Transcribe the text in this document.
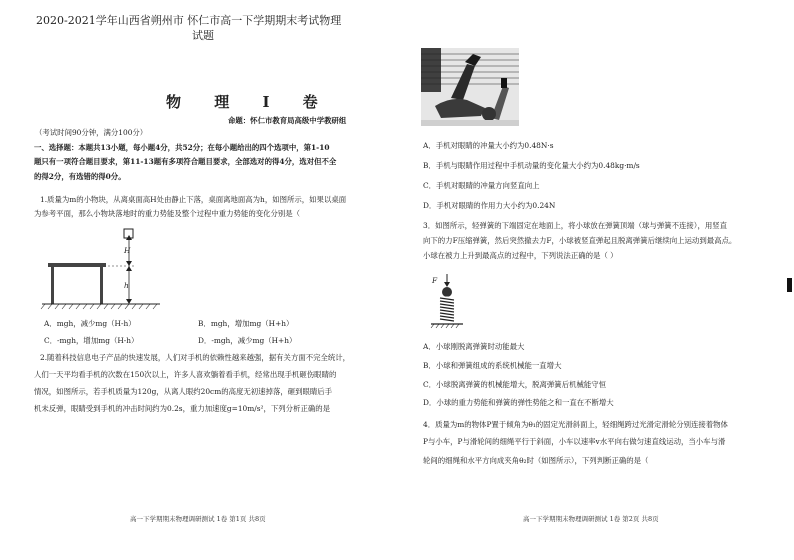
2020-2021学年山西省朔州市 怀仁市高一下学期期末考试物理
试题
物 理 I 卷
命题：怀仁市教育局高级中学教研组
（考试时间90分钟，满分100分）
一、选择题：本题共13小题，每小题4分，共52分；在每小题给出的四个选项中，第1-10
题只有一项符合题目要求，第11-13题有多项符合题目要求，全部选对的得4分，选对但不全
的得2分，有选错的得0分。
1.质量为m的小物块，从离桌面高H处由静止下落，桌面离地面高为h，如图所示，如果以桌面
为参考平面，那么小物块落地时的重力势能及整个过程中重力势能的变化分别是（
H
h
A．mgh，减少mg（H-h）	B．mgh，增加mg（H+h）
C．-mgh，增加mg（H-h）	D．-mgh，减少mg（H+h）
2.随着科技信息电子产品的快速发展，人们对手机的依赖性越来越强，据有关方面不完全统计，
人们一天平均看手机的次数在150次以上，许多人喜欢躺着看手机，经常出现手机砸伤眼睛的
情况，如图所示，若手机质量为120g，从离人眼约20cm的高度无初速掉落，砸到眼睛后手
机未反弹，眼睛受到手机的冲击时间约为0.2s，重力加速度g=10m/s²，下列分析正确的是
高一下学期期末物理调研测试 1卷 第1页 共8页
A．手机对眼睛的冲量大小约为0.48N·s
B．手机与眼睛作用过程中手机动量的变化量大小约为0.48kg·m/s
C．手机对眼睛的冲量方向竖直向上
D．手机对眼睛的作用力大小约为0.24N
3．如图所示，轻弹簧的下端固定在地面上，将小球放在弹簧顶端（球与弹簧不连接），用竖直
向下的力F压缩弹簧，然后突然撤去力F，小球被竖直弹起且脱离弹簧后继续向上运动到最高点。
小球在被力上升到最高点的过程中，下列说法正确的是（ ）
F
A．小球刚脱离弹簧时动能最大
B．小球和弹簧组成的系统机械能一直增大
C．小球脱离弹簧的机械能增大，脱离弹簧后机械能守恒
D．小球的重力势能和弹簧的弹性势能之和一直在不断增大
4．质量为m的物体P置于倾角为θ₁的固定光滑斜面上，轻细绳跨过光滑定滑轮分别连接着物体
P与小车，P与滑轮间的细绳平行于斜面，小车以速率v水平向右做匀速直线运动，当小车与滑
轮间的细绳和水平方向成夹角θ₂时（如图所示），下列判断正确的是（
高一下学期期末物理调研测试 1卷 第2页 共8页
